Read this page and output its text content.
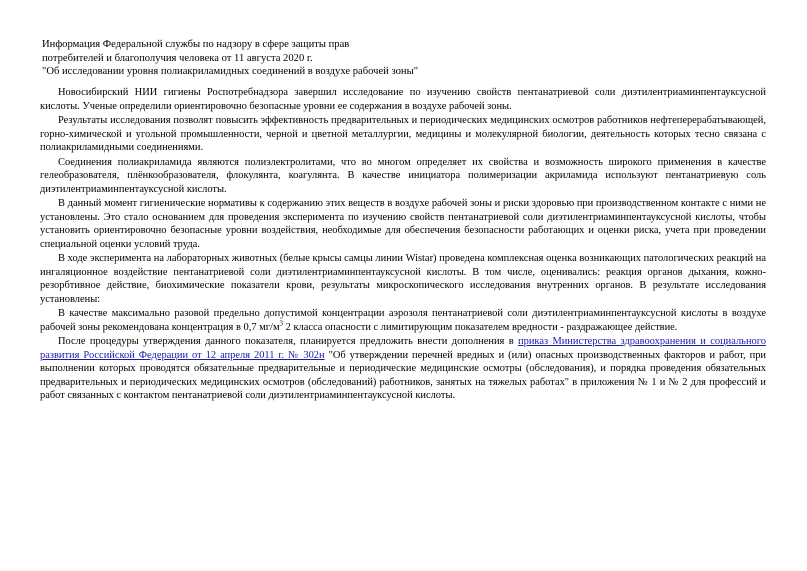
Информация Федеральной службы по надзору в сфере защиты прав
потребителей и благополучия человека от 11 августа 2020 г.
"Об исследовании уровня полиакриламидных соединений в воздухе рабочей зоны"

Новосибирский НИИ гигиены Роспотребнадзора завершил исследование по изучению свойств пентанатриевой соли диэтилентриаминпентауксусной кислоты. Ученые определили ориентировочно безопасные уровни ее содержания в воздухе рабочей зоны.

Результаты исследования позволят повысить эффективность предварительных и периодических медицинских осмотров работников нефтеперерабатывающей, горно-химической и угольной промышленности, черной и цветной металлургии, медицины и молекулярной биологии, деятельность которых тесно связана с полиакриламидными соединениями.

Соединения полиакриламида являются полиэлектролитами, что во многом определяет их свойства и возможность широкого применения в качестве гелеобразователя, плёнкообразователя, флокулянта, коагулянта. В качестве инициатора полимеризации акриламида используют пентанатриевую соль диэтилентриаминпентауксусной кислоты.

В данный момент гигиенические нормативы к содержанию этих веществ в воздухе рабочей зоны и риски здоровью при производственном контакте с ними не установлены. Это стало основанием для проведения эксперимента по изучению свойств пентанатриевой соли диэтилентриаминпентауксусной кислоты, чтобы установить ориентировочно безопасные уровни воздействия, необходимые для обеспечения безопасности работающих и оценки риска, учета при проведении специальной оценки условий труда.

В ходе эксперимента на лабораторных животных (белые крысы самцы линии Wistar) проведена комплексная оценка возникающих патологических реакций на ингаляционное воздействие пентанатриевой соли диэтилентриаминпентауксусной кислоты. В том числе, оценивались: реакция органов дыхания, кожно-резорбтивное действие, биохимические показатели крови, результаты микроскопического исследования внутренних органов. В результате исследования установлены:

В качестве максимально разовой предельно допустимой концентрации аэрозоля пентанатриевой соли диэтилентриаминпентауксусной кислоты в воздухе рабочей зоны рекомендована концентрация в 0,7 $мг/м^3$ 2 класса опасности с лимитирующим показателем вредности - раздражающее действие.

После процедуры утверждения данного показателя, планируется предложить внести дополнения в приказ Министерства здравоохранения и социального развития Российской Федерации от 12 апреля 2011 г. № 302н "Об утверждении перечней вредных и (или) опасных производственных факторов и работ, при выполнении которых проводятся обязательные предварительные и периодические медицинские осмотры (обследования), и порядка проведения обязательных предварительных и периодических медицинских осмотров (обследований) работников, занятых на тяжелых работах" в приложения № 1 и № 2 для профессий и работ связанных с контактом пентанатриевой соли диэтилентриаминпентауксусной кислоты.
